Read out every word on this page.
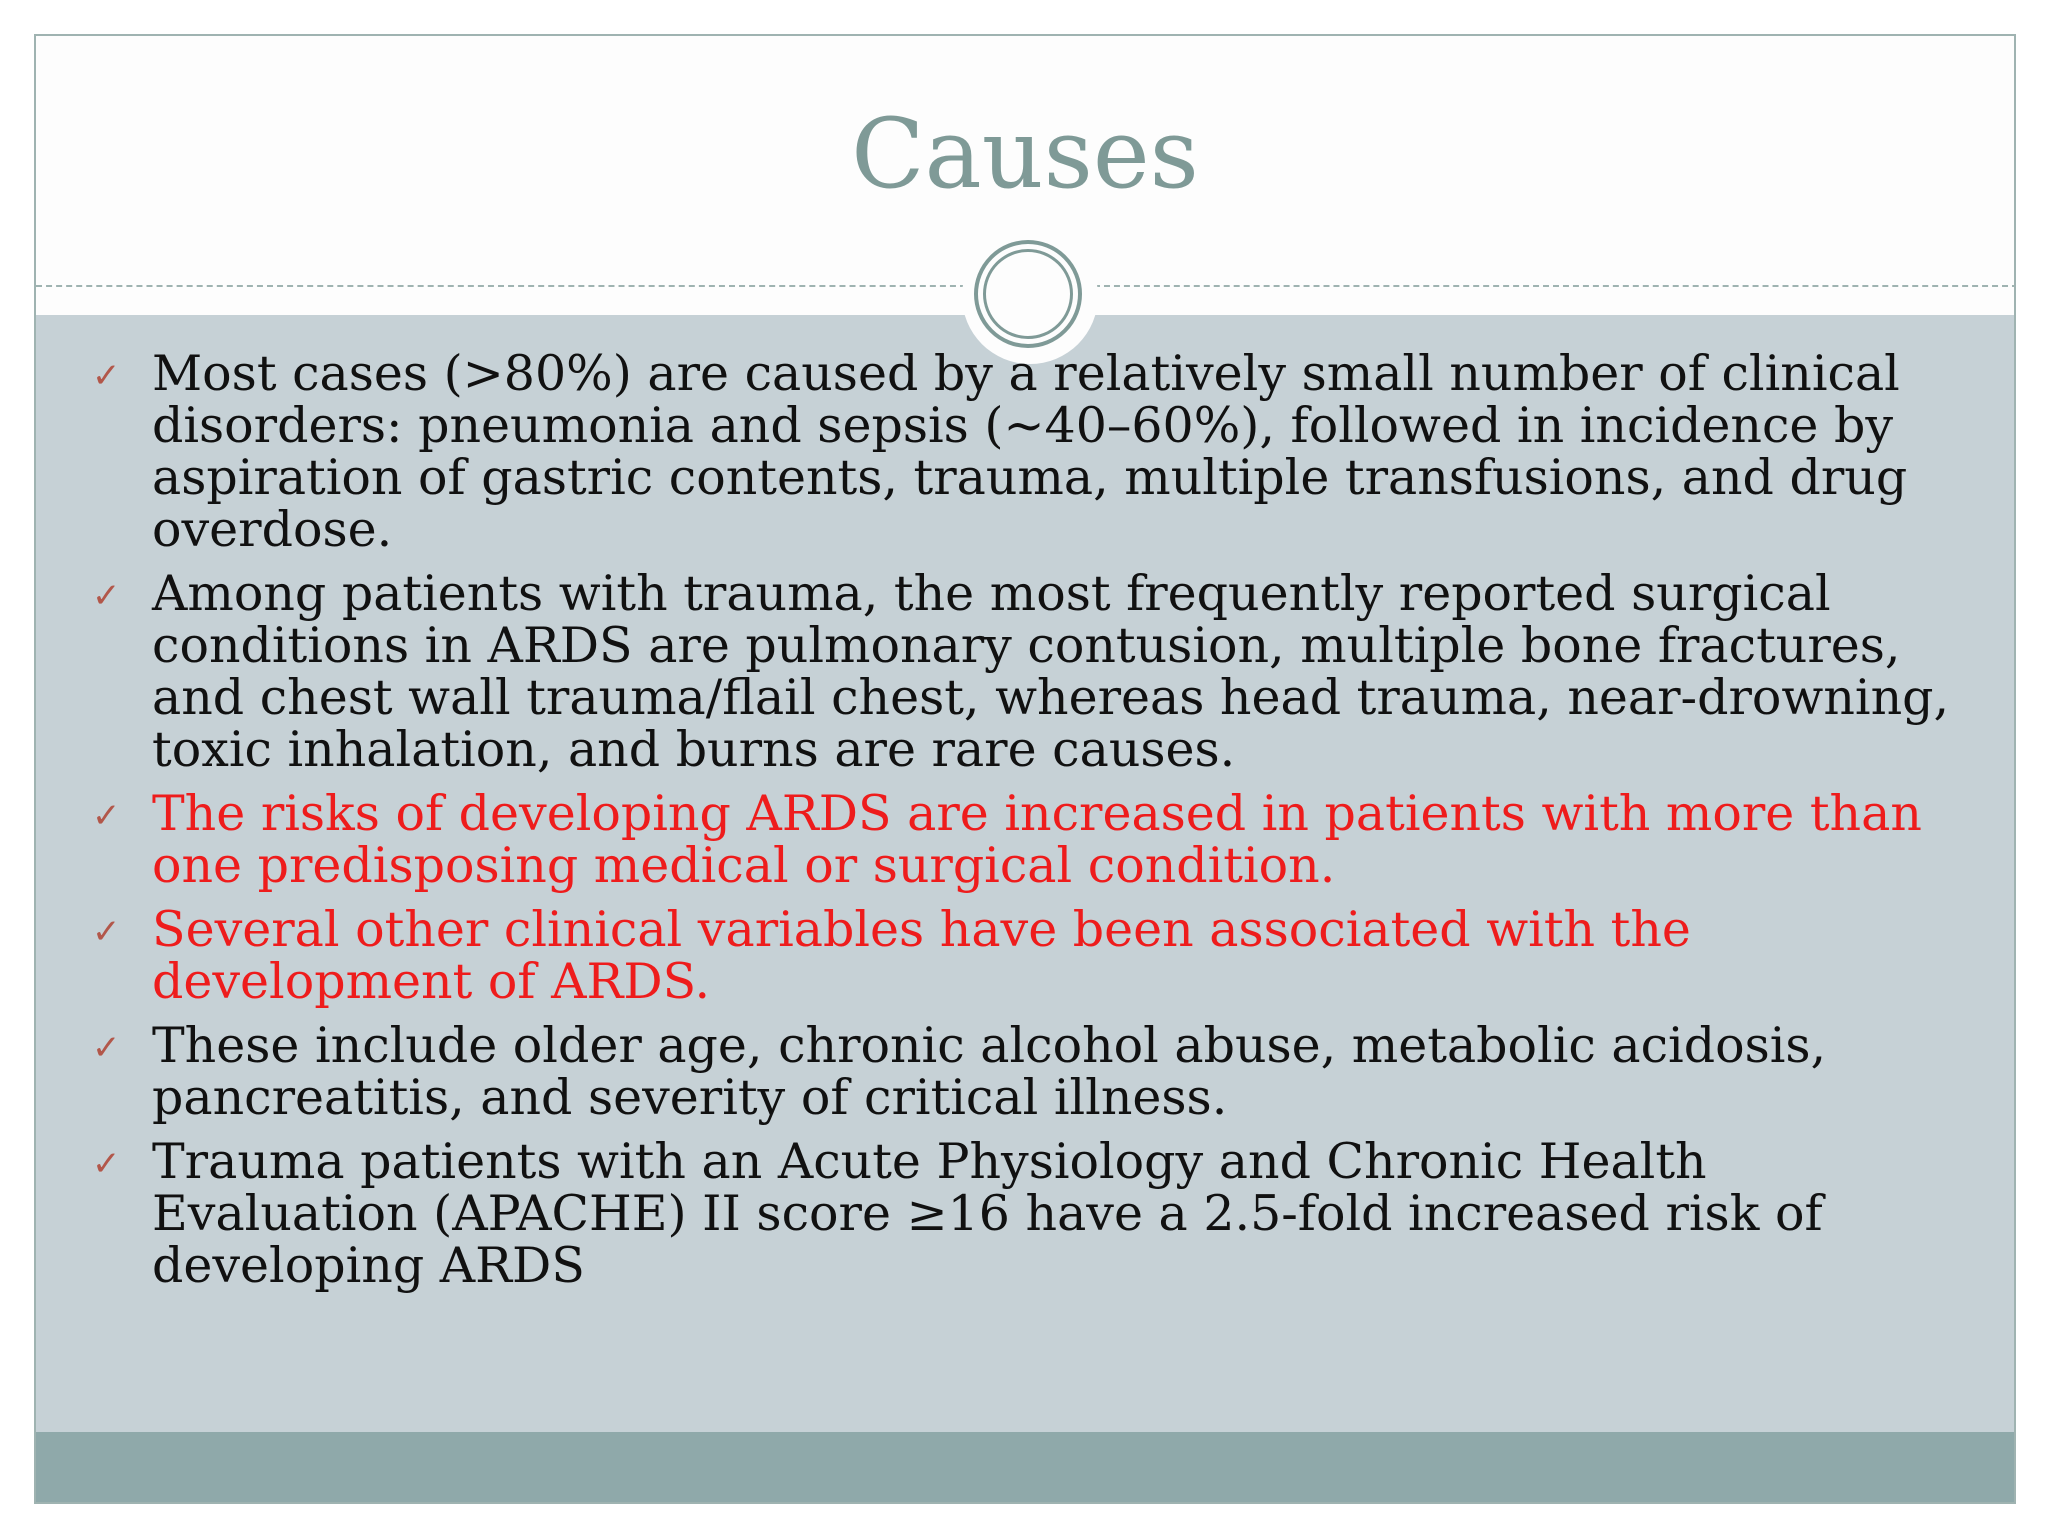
Causes
✓ Most cases (>80%) are caused by a relatively small number of clinical disorders: pneumonia and sepsis (~40–60%), followed in incidence by aspiration of gastric contents, trauma, multiple transfusions, and drug overdose.
✓ Among patients with trauma, the most frequently reported surgical conditions in ARDS are pulmonary contusion, multiple bone fractures, and chest wall trauma/flail chest, whereas head trauma, near-drowning, toxic inhalation, and burns are rare causes.
✓ The risks of developing ARDS are increased in patients with more than one predisposing medical or surgical condition.
✓ Several other clinical variables have been associated with the development of ARDS.
✓ These include older age, chronic alcohol abuse, metabolic acidosis, pancreatitis, and severity of critical illness.
✓ Trauma patients with an Acute Physiology and Chronic Health Evaluation (APACHE) II score ≥16 have a 2.5-fold increased risk of developing ARDS
